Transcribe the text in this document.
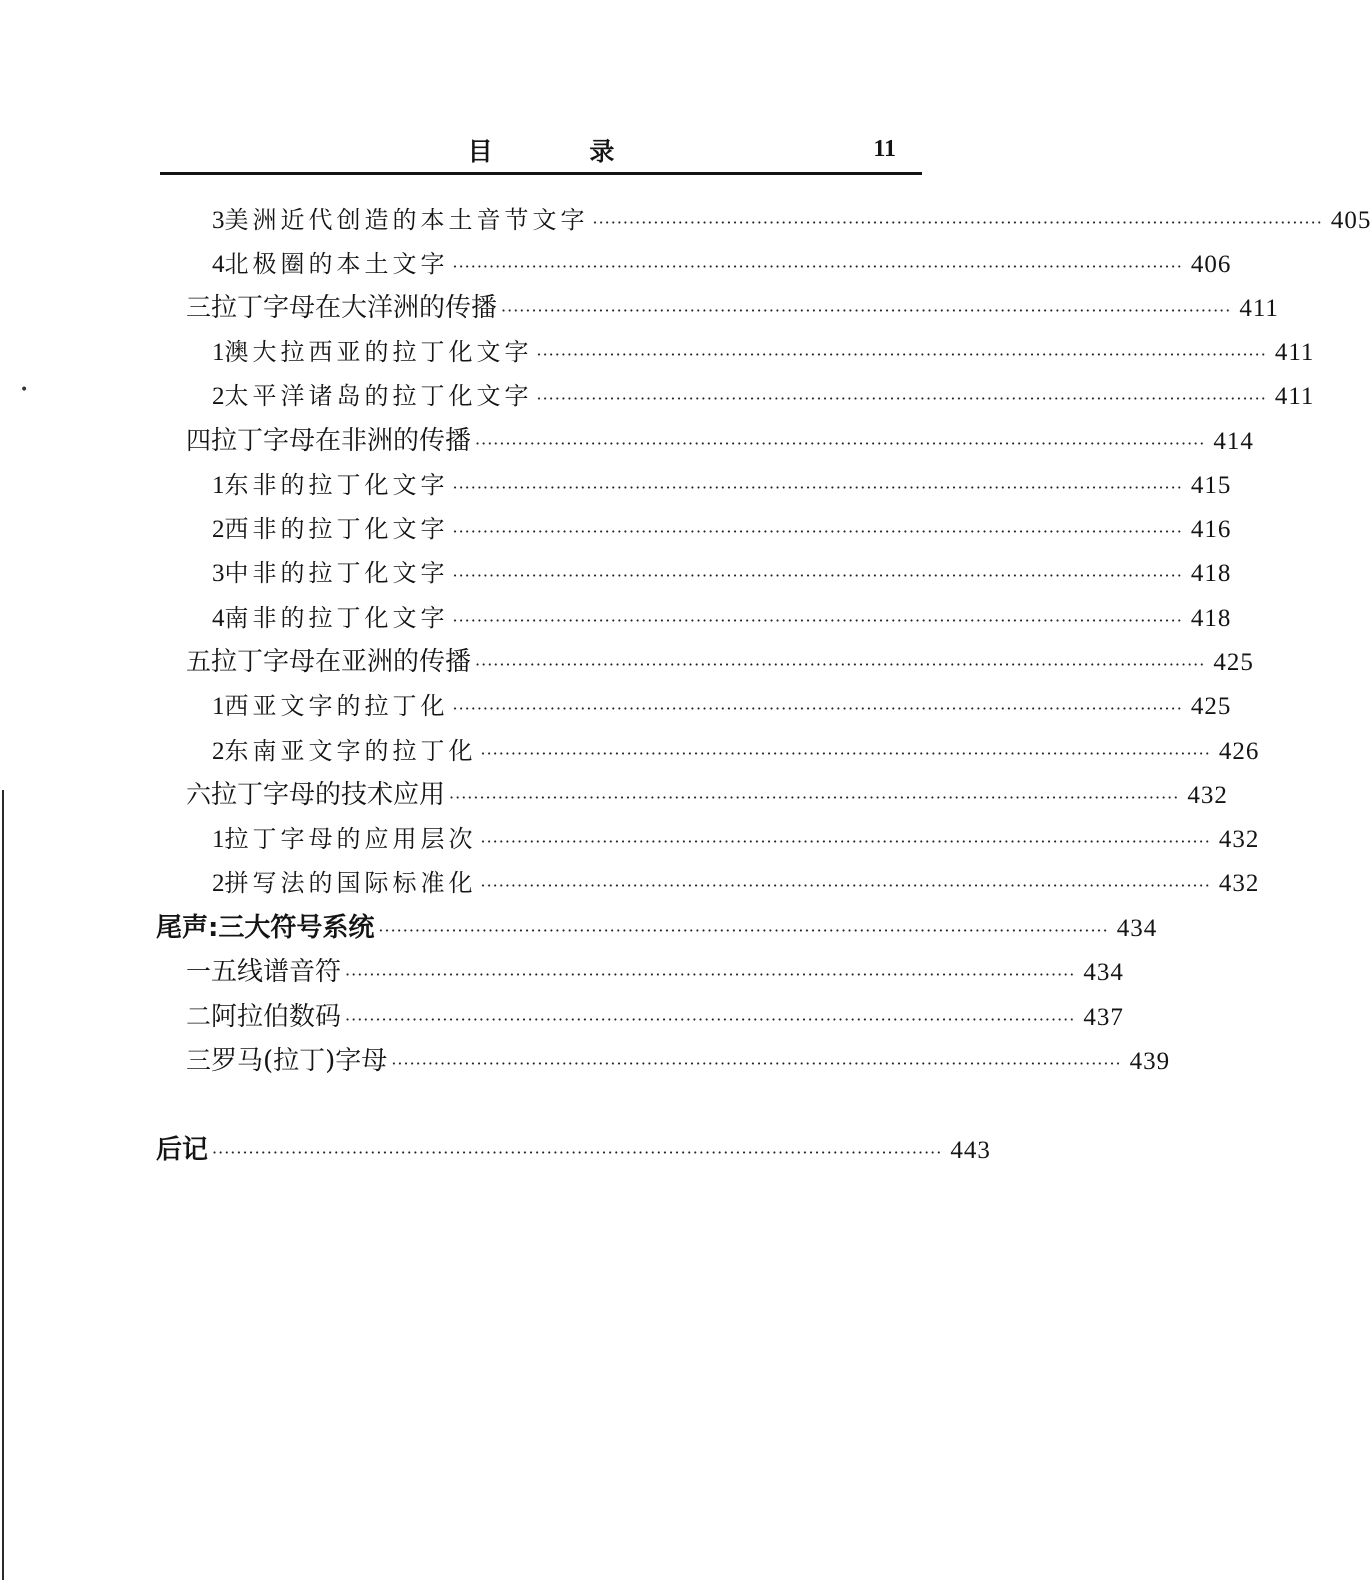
目 录	11
3 美洲近代创造的本土音节文字 ························································································································ 405
4 北极圈的本土文字 ························································································································ 406
三 拉丁字母在大洋洲的传播 ························································································································ 411
1 澳大拉西亚的拉丁化文字 ························································································································ 411
2 太平洋诸岛的拉丁化文字 ························································································································ 411
四 拉丁字母在非洲的传播 ························································································································ 414
1 东非的拉丁化文字 ························································································································ 415
2 西非的拉丁化文字 ························································································································ 416
3 中非的拉丁化文字 ························································································································ 418
4 南非的拉丁化文字 ························································································································ 418
五 拉丁字母在亚洲的传播 ························································································································ 425
1 西亚文字的拉丁化 ························································································································ 425
2 东南亚文字的拉丁化 ························································································································ 426
六 拉丁字母的技术应用 ························································································································ 432
1 拉丁字母的应用层次 ························································································································ 432
2 拼写法的国际标准化 ························································································································ 432
尾声:三大符号系统 ························································································································ 434
一 五线谱音符 ························································································································ 434
二 阿拉伯数码 ························································································································ 437
三 罗马(拉丁)字母 ························································································································ 439
后记 ························································································································ 443
•
